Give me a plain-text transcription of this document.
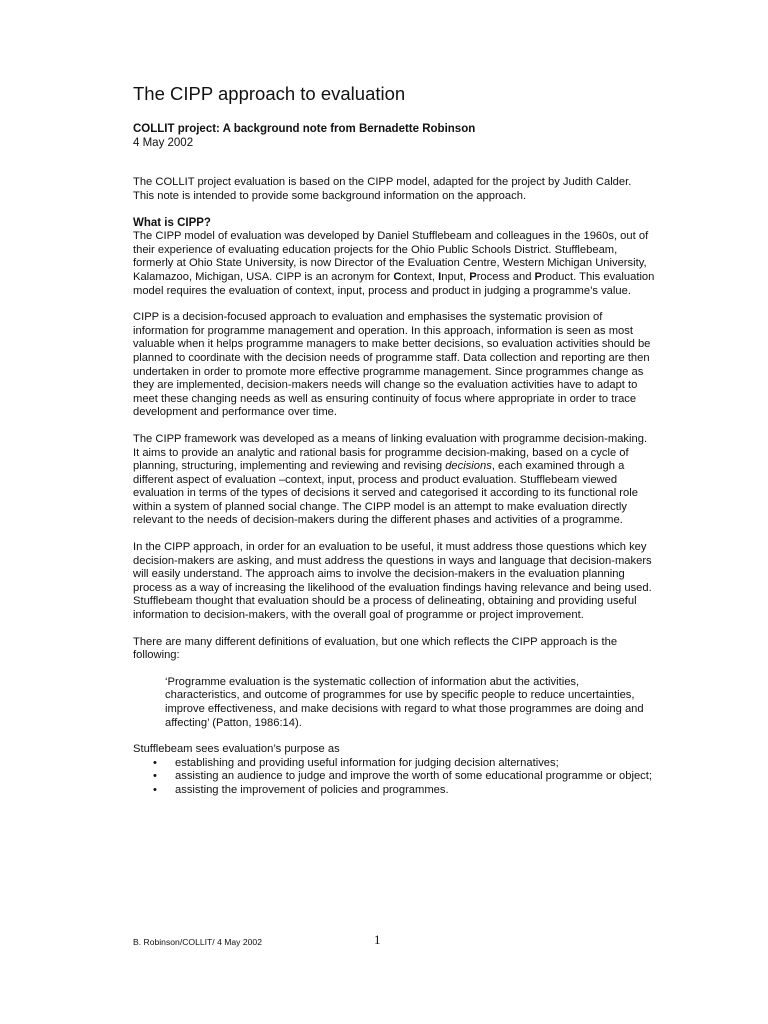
The CIPP approach to evaluation
COLLIT project: A background note from Bernadette Robinson
4 May 2002

The COLLIT project evaluation is based on the CIPP model, adapted for the project by Judith Calder. This note is intended to provide some background information on the approach.

What is CIPP?

The CIPP model of evaluation was developed by Daniel Stufflebeam and colleagues in the 1960s, out of their experience of evaluating education projects for the Ohio Public Schools District. Stufflebeam, formerly at Ohio State University, is now Director of the Evaluation Centre, Western Michigan University, Kalamazoo, Michigan, USA. CIPP is an acronym for Context, Input, Process and Product. This evaluation model requires the evaluation of context, input, process and product in judging a programme’s value.

CIPP is a decision-focused approach to evaluation and emphasises the systematic provision of information for programme management and operation. In this approach, information is seen as most valuable when it helps programme managers to make better decisions, so evaluation activities should be planned to coordinate with the decision needs of programme staff. Data collection and reporting are then undertaken in order to promote more effective programme management. Since programmes change as they are implemented, decision-makers needs will change so the evaluation activities have to adapt to meet these changing needs as well as ensuring continuity of focus where appropriate in order to trace development and performance over time.

The CIPP framework was developed as a means of linking evaluation with programme decision-making. It aims to provide an analytic and rational basis for programme decision-making, based on a cycle of planning, structuring, implementing and reviewing and revising decisions, each examined through a different aspect of evaluation –context, input, process and product evaluation. Stufflebeam viewed evaluation in terms of the types of decisions it served and categorised it according to its functional role within a system of planned social change. The CIPP model is an attempt to make evaluation directly relevant to the needs of decision-makers during the different phases and activities of a programme.

In the CIPP approach, in order for an evaluation to be useful, it must address those questions which key decision-makers are asking, and must address the questions in ways and language that decision-makers will easily understand. The approach aims to involve the decision-makers in the evaluation planning process as a way of increasing the likelihood of the evaluation findings having relevance and being used. Stufflebeam thought that evaluation should be a process of delineating, obtaining and providing useful information to decision-makers, with the overall goal of programme or project improvement.

There are many different definitions of evaluation, but one which reflects the CIPP approach is the following:

‘Programme evaluation is the systematic collection of information abut the activities, characteristics, and outcome of programmes for use by specific people to reduce uncertainties, improve effectiveness, and make decisions with regard to what those programmes are doing and affecting’ (Patton, 1986:14).

Stufflebeam sees evaluation’s purpose as

• establishing and providing useful information for judging decision alternatives;
• assisting an audience to judge and improve the worth of some educational programme or object;
• assisting the improvement of policies and programmes.
B. Robinson/COLLIT/ 4 May 2002	1
